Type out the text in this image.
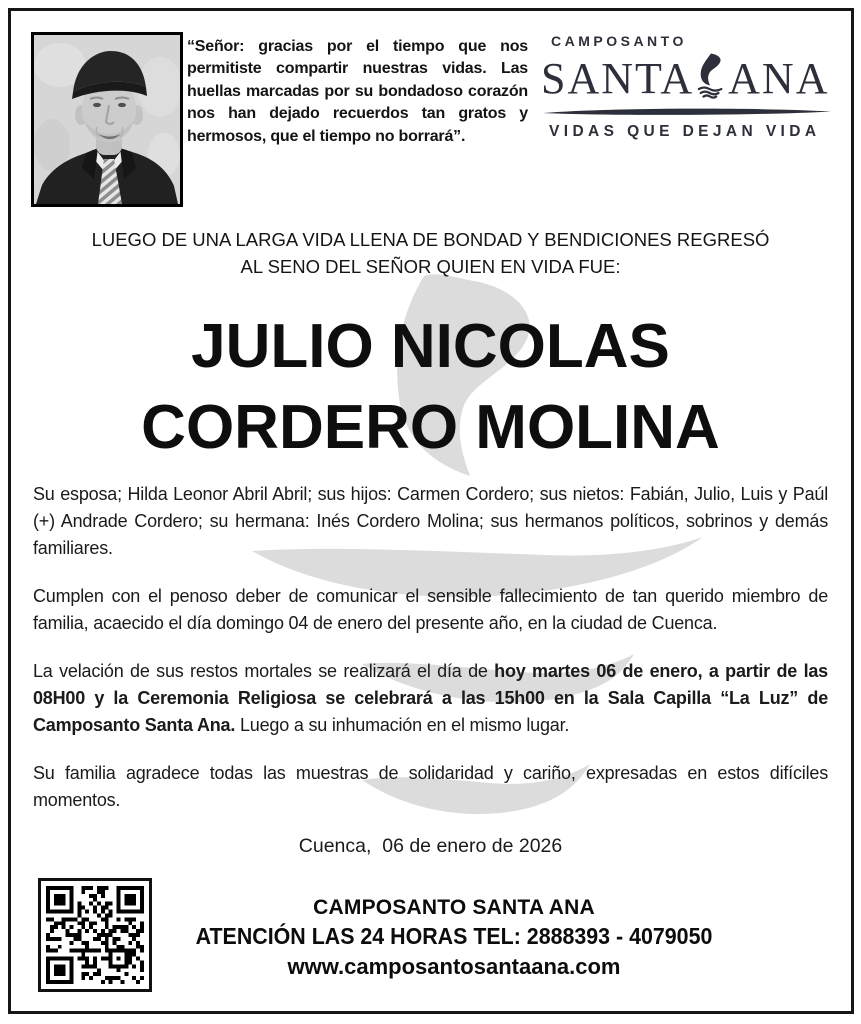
“Señor: gracias por el tiempo que nos permitiste compartir nuestras vidas. Las huellas marcadas por su bondadoso corazón nos han dejado recuerdos tan gratos y hermosos, que el tiempo no borrará”.

CAMPOSANTO
SANTA ANA
VIDAS QUE DEJAN VIDA
LUEGO DE UNA LARGA VIDA LLENA DE BONDAD Y BENDICIONES REGRESÓ
AL SENO DEL SEÑOR QUIEN EN VIDA FUE:
JULIO NICOLAS
CORDERO MOLINA

Su esposa; Hilda Leonor Abril Abril; sus hijos: Carmen Cordero; sus nietos: Fabián, Julio, Luis y Paúl (+) Andrade Cordero; su hermana: Inés Cordero Molina; sus hermanos políticos, sobrinos y demás familiares.

Cumplen con el penoso deber de comunicar el sensible fallecimiento de tan querido miembro de familia, acaecido el día domingo 04 de enero del presente año, en la ciudad de Cuenca.

La velación de sus restos mortales se realizará el día de hoy martes 06 de enero, a partir de las 08H00 y la Ceremonia Religiosa se celebrará a las 15h00 en la Sala Capilla “La Luz” de Camposanto Santa Ana. Luego a su inhumación en el mismo lugar.

Su familia agradece todas las muestras de solidaridad y cariño, expresadas en estos difíciles momentos.

Cuenca,  06 de enero de 2026
CAMPOSANTO SANTA ANA
ATENCIÓN LAS 24 HORAS TEL: 2888393 - 4079050
www.camposantosantaana.com
